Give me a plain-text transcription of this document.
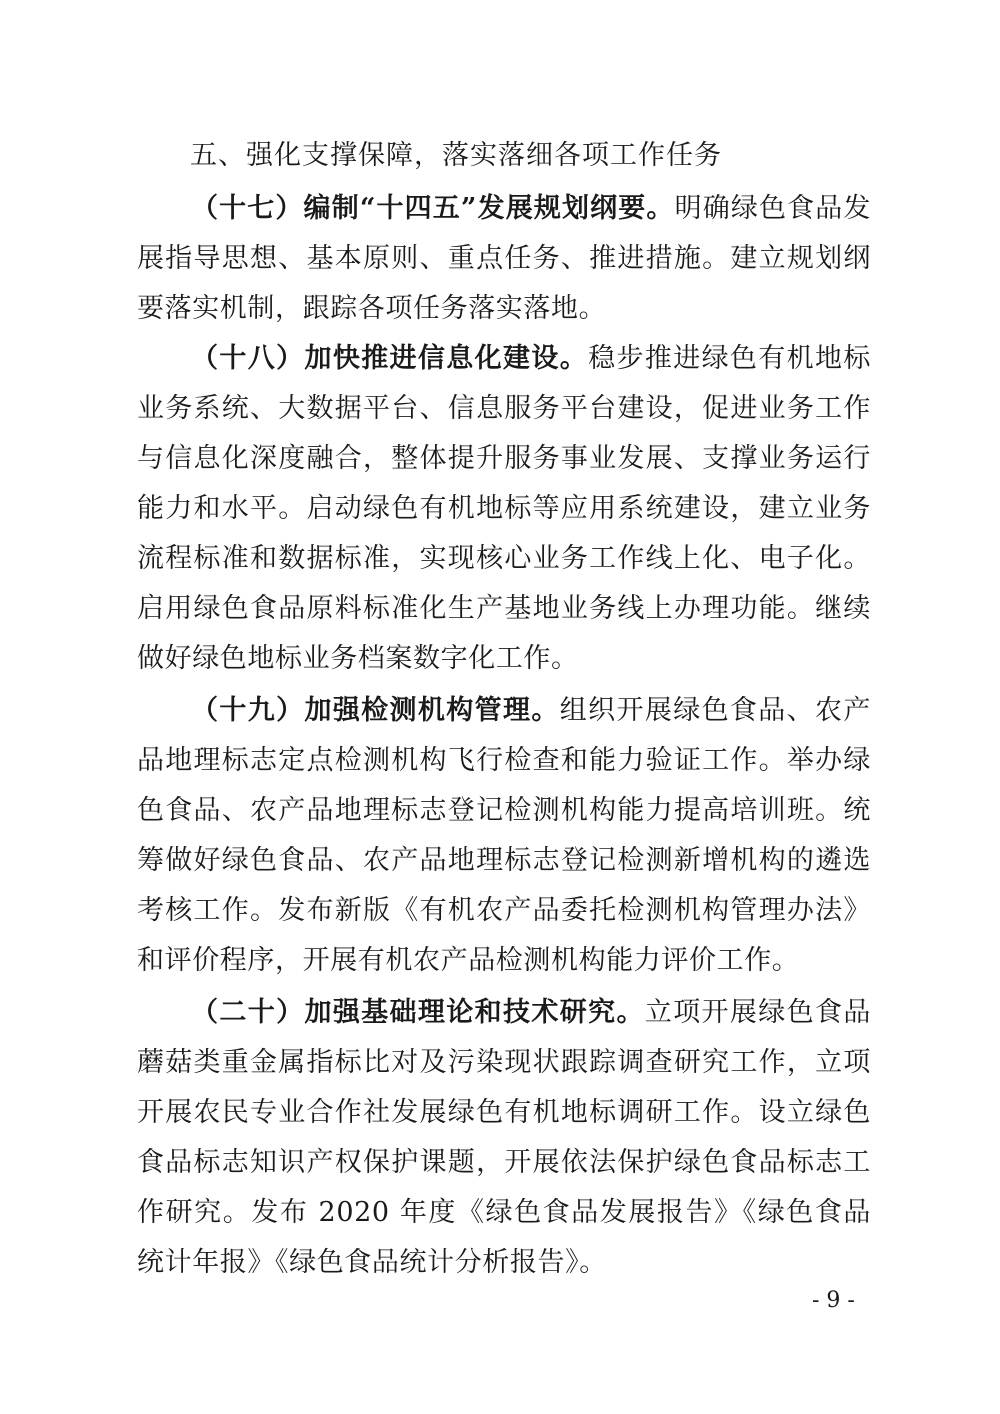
五、强化支撑保障，落实落细各项工作任务

（十七）编制“十四五”发展规划纲要。明确绿色食品发展指导思想、基本原则、重点任务、推进措施。建立规划纲要落实机制，跟踪各项任务落实落地。

（十八）加快推进信息化建设。稳步推进绿色有机地标业务系统、大数据平台、信息服务平台建设，促进业务工作与信息化深度融合，整体提升服务事业发展、支撑业务运行能力和水平。启动绿色有机地标等应用系统建设，建立业务流程标准和数据标准，实现核心业务工作线上化、电子化。启用绿色食品原料标准化生产基地业务线上办理功能。继续做好绿色地标业务档案数字化工作。

（十九）加强检测机构管理。组织开展绿色食品、农产品地理标志定点检测机构飞行检查和能力验证工作。举办绿色食品、农产品地理标志登记检测机构能力提高培训班。统筹做好绿色食品、农产品地理标志登记检测新增机构的遴选考核工作。发布新版《有机农产品委托检测机构管理办法》和评价程序，开展有机农产品检测机构能力评价工作。

（二十）加强基础理论和技术研究。立项开展绿色食品蘑菇类重金属指标比对及污染现状跟踪调查研究工作，立项开展农民专业合作社发展绿色有机地标调研工作。设立绿色食品标志知识产权保护课题，开展依法保护绿色食品标志工作研究。发布 2020 年度《绿色食品发展报告》《绿色食品统计年报》《绿色食品统计分析报告》。

- 9 -
